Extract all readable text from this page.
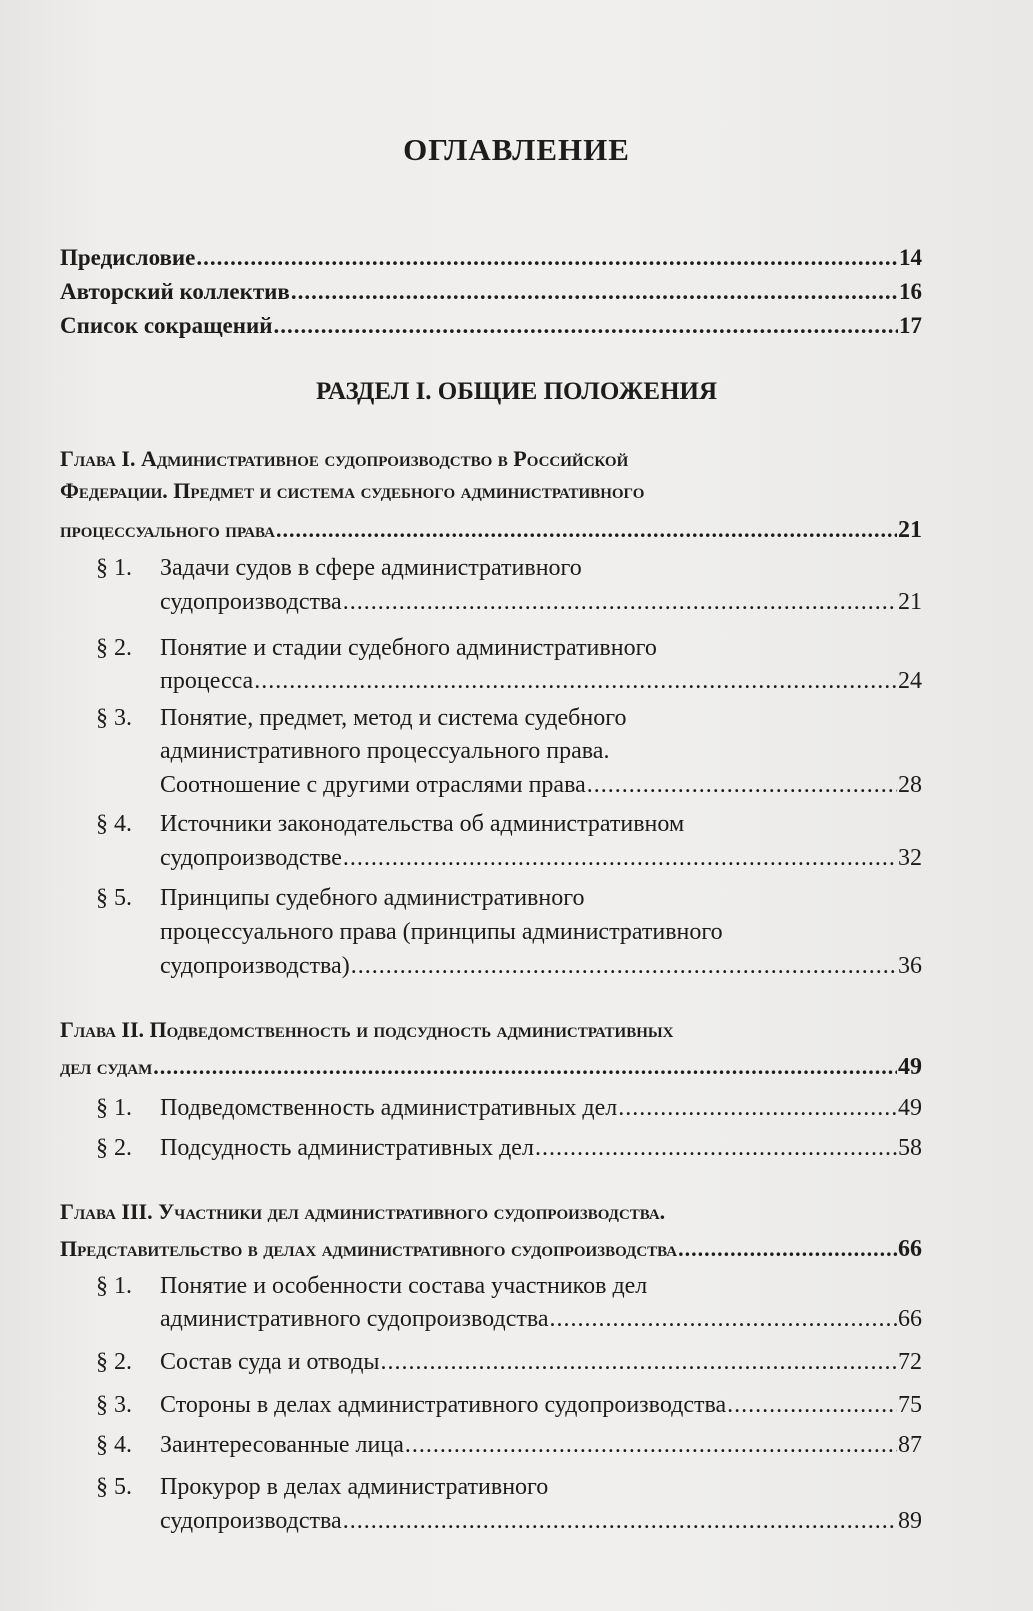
ОГЛАВЛЕНИЕ
Предисловие .....	14
Авторский коллектив .....	16
Список сокращений .....	17
РАЗДЕЛ I. ОБЩИЕ ПОЛОЖЕНИЯ
Глава I. Административное судопроизводство в Российской
Федерации. Предмет и система судебного административного
процессуального права .....	21
§ 1. Задачи судов в сфере административного
судопроизводства .....	21
§ 2. Понятие и стадии судебного административного
процесса .....	24
§ 3. Понятие, предмет, метод и система судебного
административного процессуального права.
Соотношение с другими отраслями права .....	28
§ 4. Источники законодательства об административном
судопроизводстве .....	32
§ 5. Принципы судебного административного
процессуального права (принципы административного
судопроизводства) .....	36
Глава II. Подведомственность и подсудность административных
дел судам .....	49
§ 1. Подведомственность административных дел .....	49
§ 2. Подсудность административных дел .....	58
Глава III. Участники дел административного судопроизводства.
Представительство в делах административного судопроизводства .....	66
§ 1. Понятие и особенности состава участников дел
административного судопроизводства .....	66
§ 2. Состав суда и отводы .....	72
§ 3. Стороны в делах административного судопроизводства .....	75
§ 4. Заинтересованные лица .....	87
§ 5. Прокурор в делах административного
судопроизводства .....	89
